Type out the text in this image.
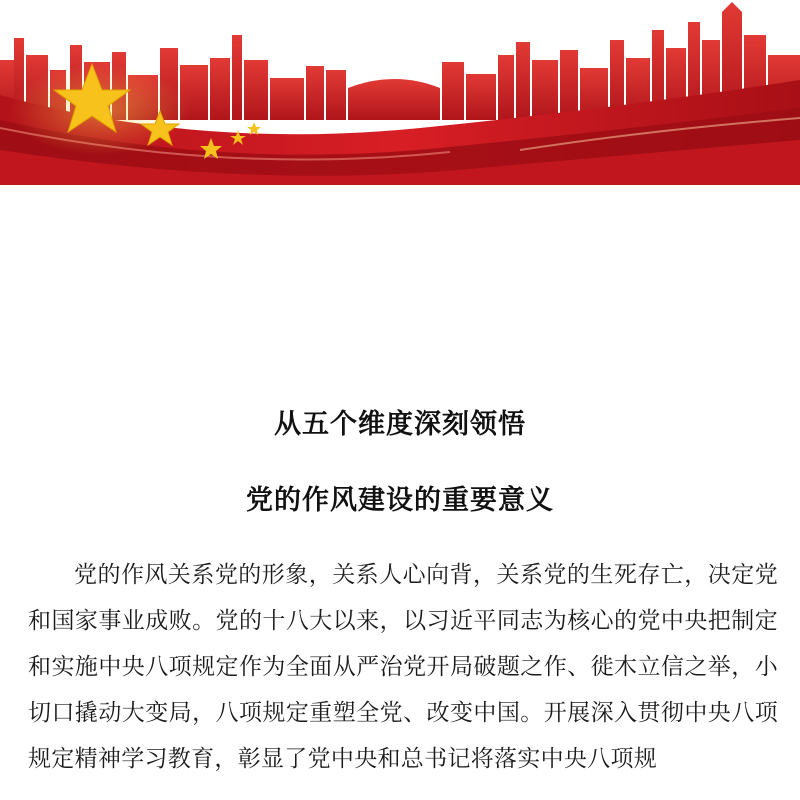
从五个维度深刻领悟
党的作风建设的重要意义

党的作风关系党的形象，关系人心向背，关系党的生死存亡，决定党和国家事业成败。党的十八大以来，以习近平同志为核心的党中央把制定和实施中央八项规定作为全面从严治党开局破题之作、徙木立信之举，小切口撬动大变局，八项规定重塑全党、改变中国。开展深入贯彻中央八项规定精神学习教育，彰显了党中央和总书记将落实中央八项规
